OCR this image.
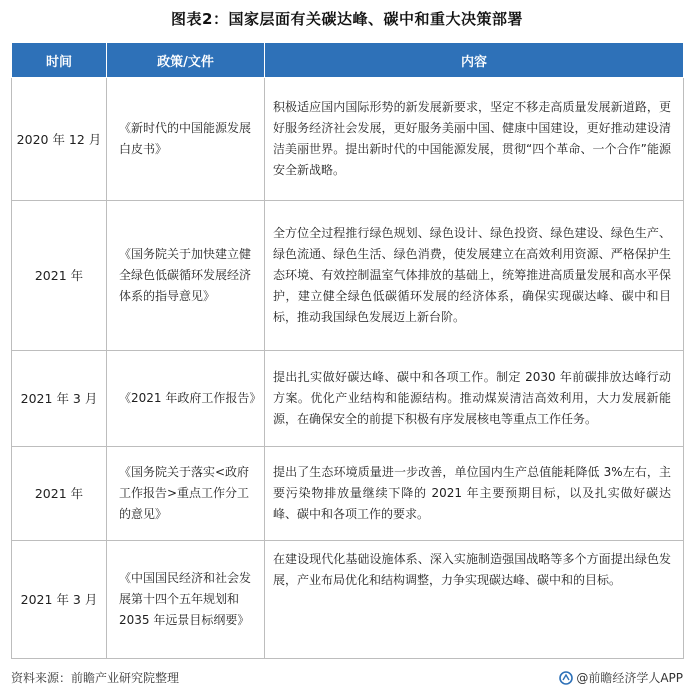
图表2：国家层面有关碳达峰、碳中和重大决策部署
时间	政策/文件	内容
2020 年 12 月	《新时代的中国能源发展白皮书》	积极适应国内国际形势的新发展新要求，坚定不移走高质量发展新道路，更好服务经济社会发展，更好服务美丽中国、健康中国建设，更好推动建设清洁美丽世界。提出新时代的中国能源发展，贯彻“四个革命、一个合作”能源安全新战略。
2021 年	《国务院关于加快建立健全绿色低碳循环发展经济体系的指导意见》	全方位全过程推行绿色规划、绿色设计、绿色投资、绿色建设、绿色生产、绿色流通、绿色生活、绿色消费，使发展建立在高效利用资源、严格保护生态环境、有效控制温室气体排放的基础上，统筹推进高质量发展和高水平保护，建立健全绿色低碳循环发展的经济体系，确保实现碳达峰、碳中和目标，推动我国绿色发展迈上新台阶。
2021 年 3 月	《2021 年政府工作报告》	提出扎实做好碳达峰、碳中和各项工作。制定 2030 年前碳排放达峰行动方案。优化产业结构和能源结构。推动煤炭清洁高效利用，大力发展新能源，在确保安全的前提下积极有序发展核电等重点工作任务。
2021 年	《国务院关于落实<政府工作报告>重点工作分工的意见》	提出了生态环境质量进一步改善，单位国内生产总值能耗降低 3%左右，主要污染物排放量继续下降的 2021 年主要预期目标，以及扎实做好碳达峰、碳中和各项工作的要求。
2021 年 3 月	《中国国民经济和社会发展第十四个五年规划和 2035 年远景目标纲要》	在建设现代化基础设施体系、深入实施制造强国战略等多个方面提出绿色发展，产业布局优化和结构调整，力争实现碳达峰、碳中和的目标。
资料来源：前瞻产业研究院整理	@前瞻经济学人APP
